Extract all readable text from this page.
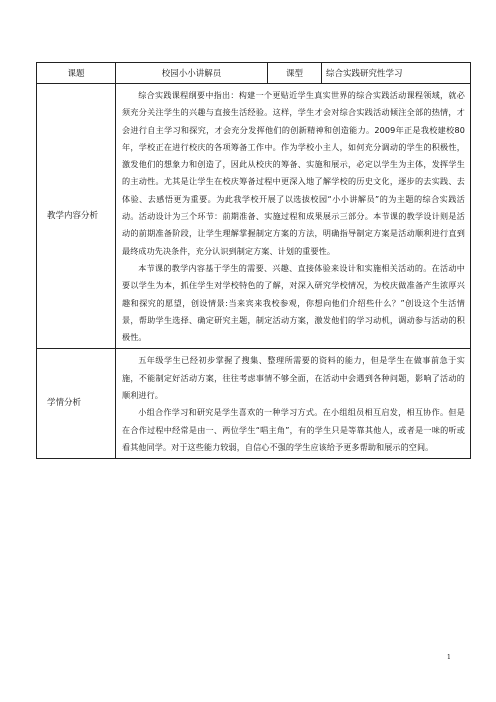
课题	校园小小讲解员	课型	综合实践研究性学习
教学内容分析	综合实践课程纲要中指出：构建一个更贴近学生真实世界的综合实践活动课程领域，就必须充分关注学生的兴趣与直接生活经验。这样，学生才会对综合实践活动倾注全部的热情，才会进行自主学习和探究，才会充分发挥他们的创新精神和创造能力。2009年正是我校建校80年，学校正在进行校庆的各项筹备工作中。作为学校小主人，如何充分调动的学生的积极性，激发他们的想象力和创造了，因此从校庆的筹备、实施和展示，必定以学生为主体，发挥学生的主动性。尤其是让学生在校庆筹备过程中更深入地了解学校的历史文化，逐步的去实践、去体验、去感悟更为重要。为此我学校开展了以选拔校园“小小讲解员”的为主题的综合实践活动。活动设计为三个环节：前期准备、实施过程和成果展示三部分。本节课的教学设计则是活动的前期准备阶段，让学生理解掌握制定方案的方法，明确指导制定方案是活动顺利进行直到最终成功先决条件，充分认识到制定方案、计划的重要性。

本节课的教学内容基于学生的需要、兴趣、直接体验来设计和实施相关活动的。在活动中要以学生为本，抓住学生对学校特色的了解，对深入研究学校情况，为校庆做准备产生浓厚兴趣和探究的愿望，创设情景:当来宾来我校参观，你想向他们介绍些什么？”创设这个生活情景，帮助学生选择、确定研究主题，制定活动方案，激发他们的学习动机，调动参与活动的积极性。		

学情分析	五年级学生已经初步掌握了搜集、整理所需要的资料的能力，但是学生在做事前急于实施，不能制定好活动方案，往往考虑事情不够全面，在活动中会遇到各种问题，影响了活动的顺利进行。

小组合作学习和研究是学生喜欢的一种学习方式。在小组组员相互启发，相互协作。但是在合作过程中经常是由一、两位学生“唱主角”，有的学生只是等靠其他人，或者是一味的听或看其他同学。对于这些能力较弱，自信心不强的学生应该给予更多帮助和展示的空间。		

1
